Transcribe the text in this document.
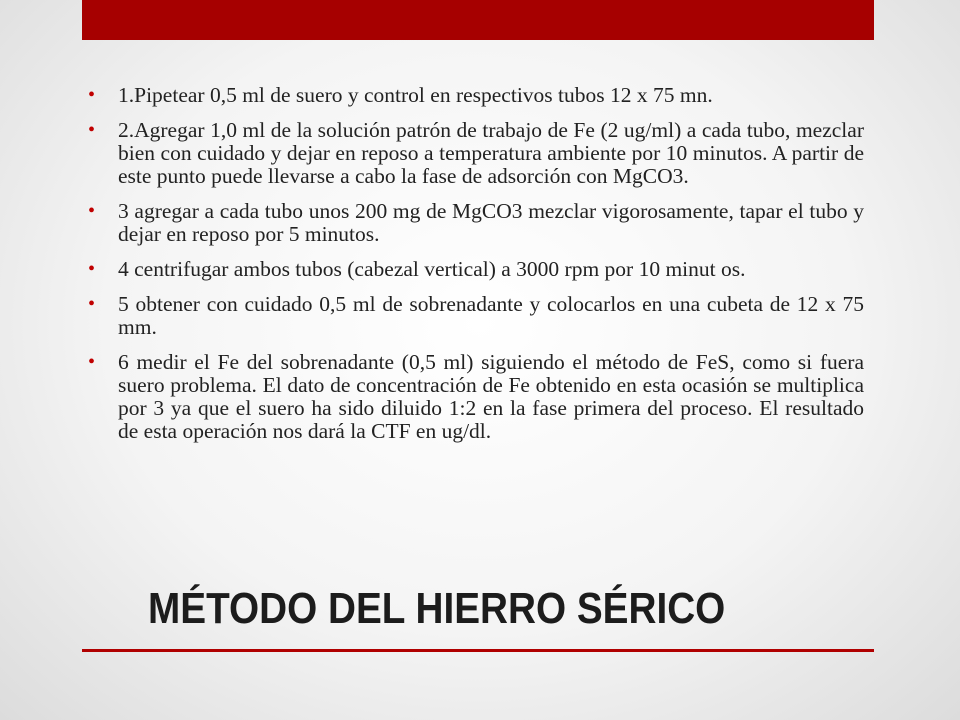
• 1.Pipetear 0,5 ml de suero y control en respectivos tubos 12 x 75 mn.
• 2.Agregar 1,0 ml de la solución patrón de trabajo de Fe (2 ug/ml) a cada tubo, mezclar bien con cuidado y dejar en reposo a temperatura ambiente por 10 minutos. A partir de este punto puede llevarse a cabo la fase de adsorción con MgCO3.
• 3 agregar a cada tubo unos 200 mg de MgCO3 mezclar vigorosamente, tapar el tubo y dejar en reposo por 5 minutos.
• 4 centrifugar ambos tubos (cabezal vertical) a 3000 rpm por 10 minut os.
• 5 obtener con cuidado 0,5 ml de sobrenadante y colocarlos en una cubeta de 12 x 75 mm.
• 6 medir el Fe del sobrenadante (0,5 ml) siguiendo el método de FeS, como si fuera suero problema. El dato de concentración de Fe obtenido en esta ocasión se multiplica por 3 ya que el suero ha sido diluido 1:2 en la fase primera del proceso. El resultado de esta operación nos dará la CTF en ug/dl.
MÉTODO DEL HIERRO SÉRICO
